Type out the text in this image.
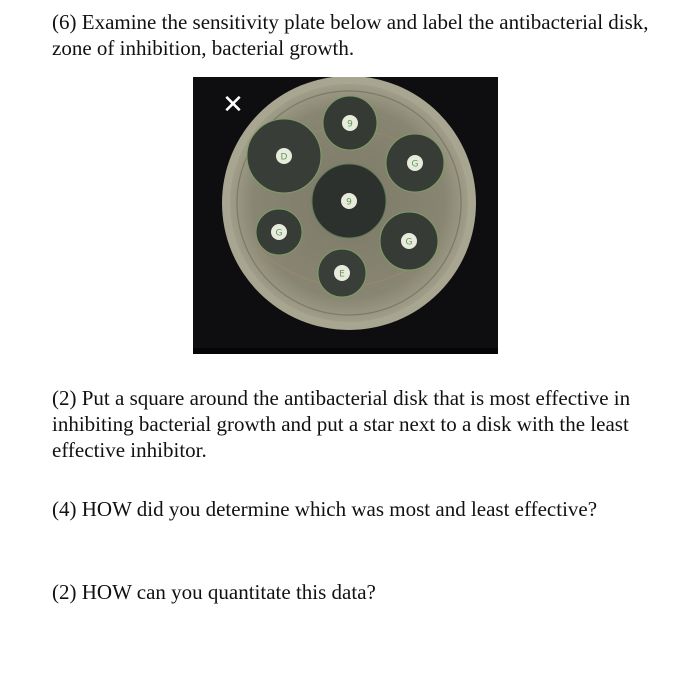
(6) Examine the sensitivity plate below and label the antibacterial disk, zone of inhibition, bacterial growth.

✕
9
D
G
9
G
G
E

(2) Put a square around the antibacterial disk that is most effective in inhibiting bacterial growth and put a star next to a disk with the least effective inhibitor.

(4) HOW did you determine which was most and least effective?

(2) HOW can you quantitate this data?
